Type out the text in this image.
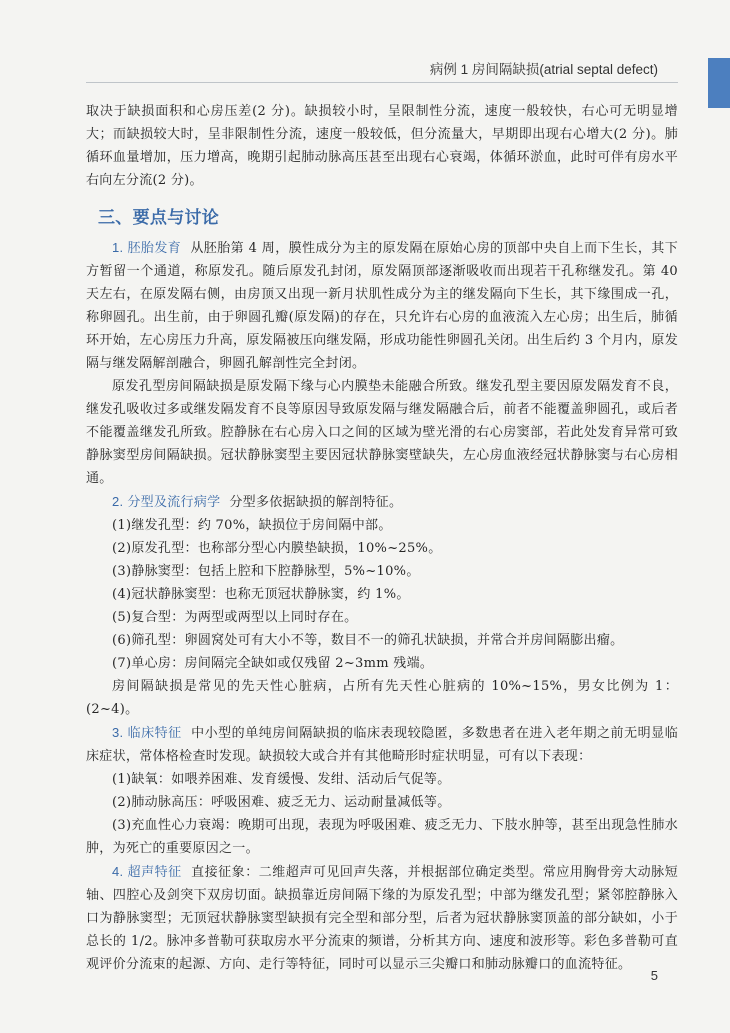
病例 1 房间隔缺损(atrial septal defect)

取决于缺损面积和心房压差(2 分)。缺损较小时，呈限制性分流，速度一般较快，右心可无明显增大；而缺损较大时，呈非限制性分流，速度一般较低，但分流量大，早期即出现右心增大(2 分)。肺循环血量增加，压力增高，晚期引起肺动脉高压甚至出现右心衰竭，体循环淤血，此时可伴有房水平右向左分流(2 分)。

三、要点与讨论

1. 胚胎发育 从胚胎第 4 周，膜性成分为主的原发隔在原始心房的顶部中央自上而下生长，其下方暂留一个通道，称原发孔。随后原发孔封闭，原发隔顶部逐渐吸收而出现若干孔称继发孔。第 40 天左右，在原发隔右侧，由房顶又出现一新月状肌性成分为主的继发隔向下生长，其下缘围成一孔，称卵圆孔。出生前，由于卵圆孔瓣(原发隔)的存在，只允许右心房的血液流入左心房；出生后，肺循环开始，左心房压力升高，原发隔被压向继发隔，形成功能性卵圆孔关闭。出生后约 3 个月内，原发隔与继发隔解剖融合，卵圆孔解剖性完全封闭。

原发孔型房间隔缺损是原发隔下缘与心内膜垫未能融合所致。继发孔型主要因原发隔发育不良，继发孔吸收过多或继发隔发育不良等原因导致原发隔与继发隔融合后，前者不能覆盖卵圆孔，或后者不能覆盖继发孔所致。腔静脉在右心房入口之间的区域为壁光滑的右心房窦部，若此处发育异常可致静脉窦型房间隔缺损。冠状静脉窦型主要因冠状静脉窦壁缺失，左心房血液经冠状静脉窦与右心房相通。

2. 分型及流行病学 分型多依据缺损的解剖特征。

(1)继发孔型：约 70%，缺损位于房间隔中部。

(2)原发孔型：也称部分型心内膜垫缺损，10%~25%。

(3)静脉窦型：包括上腔和下腔静脉型，5%~10%。

(4)冠状静脉窦型：也称无顶冠状静脉窦，约 1%。

(5)复合型：为两型或两型以上同时存在。

(6)筛孔型：卵圆窝处可有大小不等，数目不一的筛孔状缺损，并常合并房间隔膨出瘤。

(7)单心房：房间隔完全缺如或仅残留 2~3mm 残端。

房间隔缺损是常见的先天性心脏病，占所有先天性心脏病的 10%~15%，男女比例为 1：(2~4)。

3. 临床特征 中小型的单纯房间隔缺损的临床表现较隐匿，多数患者在进入老年期之前无明显临床症状，常体格检查时发现。缺损较大或合并有其他畸形时症状明显，可有以下表现：

(1)缺氧：如喂养困难、发育缓慢、发绀、活动后气促等。

(2)肺动脉高压：呼吸困难、疲乏无力、运动耐量减低等。

(3)充血性心力衰竭：晚期可出现，表现为呼吸困难、疲乏无力、下肢水肿等，甚至出现急性肺水肿，为死亡的重要原因之一。

4. 超声特征 直接征象：二维超声可见回声失落，并根据部位确定类型。常应用胸骨旁大动脉短轴、四腔心及剑突下双房切面。缺损靠近房间隔下缘的为原发孔型；中部为继发孔型；紧邻腔静脉入口为静脉窦型；无顶冠状静脉窦型缺损有完全型和部分型，后者为冠状静脉窦顶盖的部分缺如，小于总长的 1/2。脉冲多普勒可获取房水平分流束的频谱，分析其方向、速度和波形等。彩色多普勒可直观评价分流束的起源、方向、走行等特征，同时可以显示三尖瓣口和肺动脉瓣口的血流特征。

5
